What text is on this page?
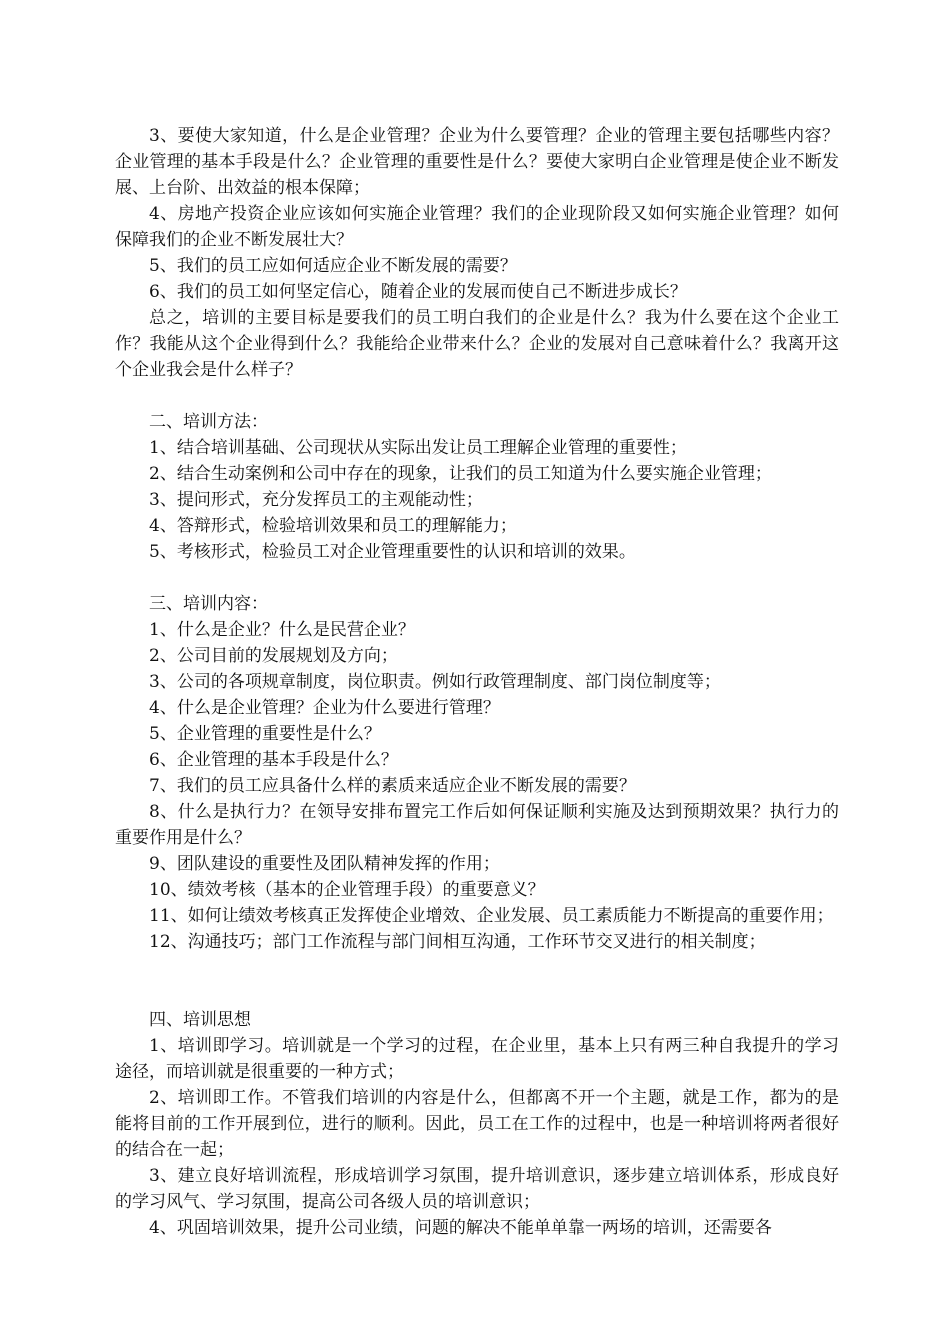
3、要使大家知道，什么是企业管理？企业为什么要管理？企业的管理主要包括哪些内容？企业管理的基本手段是什么？企业管理的重要性是什么？要使大家明白企业管理是使企业不断发展、上台阶、出效益的根本保障；

4、房地产投资企业应该如何实施企业管理？我们的企业现阶段又如何实施企业管理？如何保障我们的企业不断发展壮大？

5、我们的员工应如何适应企业不断发展的需要？

6、我们的员工如何坚定信心，随着企业的发展而使自己不断进步成长？

总之，培训的主要目标是要我们的员工明白我们的企业是什么？我为什么要在这个企业工作？我能从这个企业得到什么？我能给企业带来什么？企业的发展对自己意味着什么？我离开这个企业我会是什么样子？

二、培训方法：

1、结合培训基础、公司现状从实际出发让员工理解企业管理的重要性；

2、结合生动案例和公司中存在的现象，让我们的员工知道为什么要实施企业管理；

3、提问形式，充分发挥员工的主观能动性；

4、答辩形式，检验培训效果和员工的理解能力；

5、考核形式，检验员工对企业管理重要性的认识和培训的效果。

三、培训内容：

1、什么是企业？什么是民营企业？

2、公司目前的发展规划及方向；

3、公司的各项规章制度，岗位职责。例如行政管理制度、部门岗位制度等；

4、什么是企业管理？企业为什么要进行管理？

5、企业管理的重要性是什么？

6、企业管理的基本手段是什么？

7、我们的员工应具备什么样的素质来适应企业不断发展的需要？

8、什么是执行力？在领导安排布置完工作后如何保证顺利实施及达到预期效果？执行力的重要作用是什么？

9、团队建设的重要性及团队精神发挥的作用；

10、绩效考核（基本的企业管理手段）的重要意义？

11、如何让绩效考核真正发挥使企业增效、企业发展、员工素质能力不断提高的重要作用；

12、沟通技巧；部门工作流程与部门间相互沟通，工作环节交叉进行的相关制度；

四、培训思想

1、培训即学习。培训就是一个学习的过程，在企业里，基本上只有两三种自我提升的学习途径，而培训就是很重要的一种方式；

2、培训即工作。不管我们培训的内容是什么，但都离不开一个主题，就是工作，都为的是能将目前的工作开展到位，进行的顺利。因此，员工在工作的过程中，也是一种培训将两者很好的结合在一起；

3、建立良好培训流程，形成培训学习氛围，提升培训意识，逐步建立培训体系，形成良好的学习风气、学习氛围，提高公司各级人员的培训意识；

4、巩固培训效果，提升公司业绩，问题的解决不能单单靠一两场的培训，还需要各
